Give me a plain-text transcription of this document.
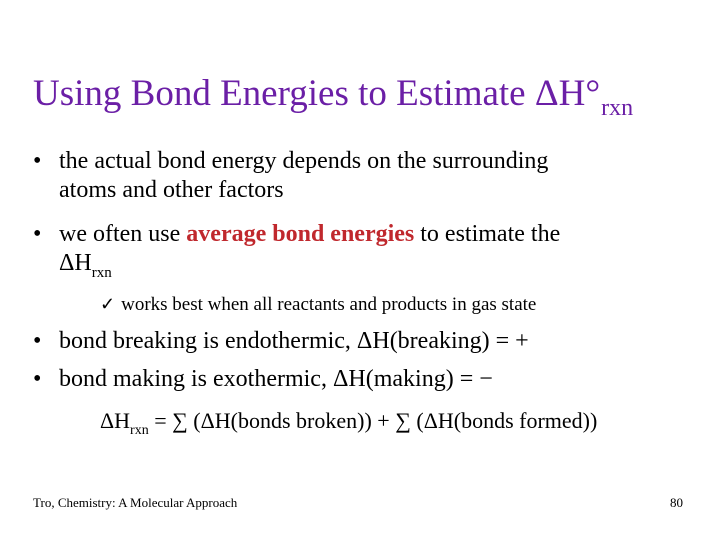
Using Bond Energies to Estimate $\Delta H^\circ_{rxn}$
• the actual bond energy depends on the surrounding
atoms and other factors
• we often use average bond energies to estimate the
$\Delta H_{rxn}$
✓ works best when all reactants and products in gas state
• bond breaking is endothermic, ΔH(breaking) = +
• bond making is exothermic, ΔH(making) = −
$\Delta H_{rxn}$ = ∑ (ΔH(bonds broken)) + ∑ (ΔH(bonds formed))
Tro, Chemistry: A Molecular Approach	80
